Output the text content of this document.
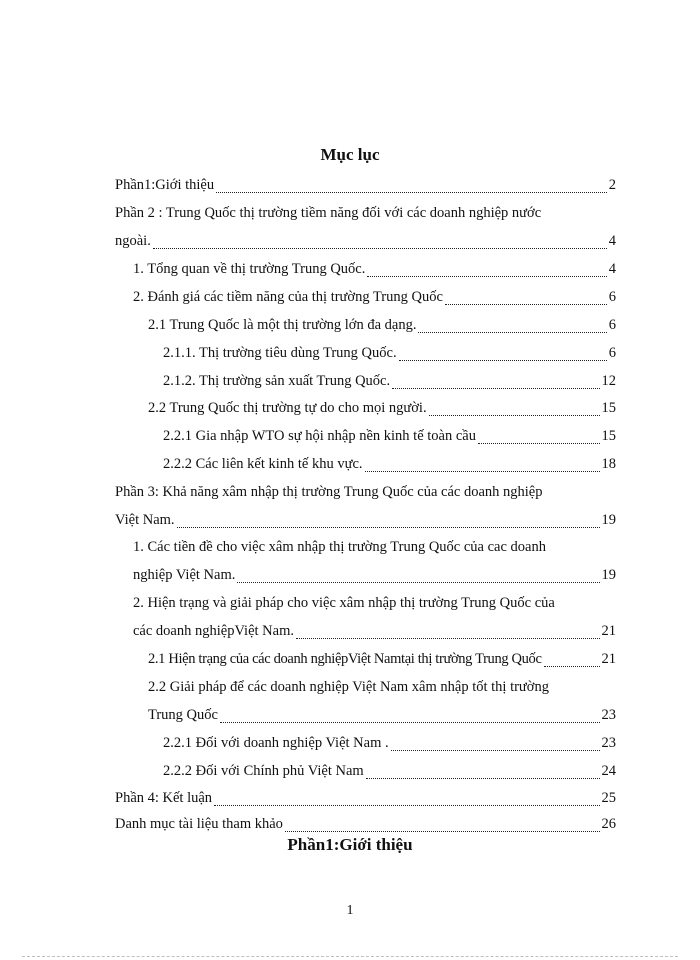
Mục lục
Phần1:Giới thiệu	2
Phần 2 : Trung Quốc thị trường tiềm năng đối với các doanh nghiệp nước
ngoài.	4
1. Tổng quan về thị trường Trung Quốc.	4
2. Đánh giá các tiềm năng của thị trường Trung Quốc	6
2.1 Trung Quốc là một thị trường lớn đa dạng.	6
2.1.1. Thị trường tiêu dùng Trung Quốc.	6
2.1.2. Thị trường sản xuất Trung Quốc.	12
2.2 Trung Quốc thị trường tự do cho mọi người.	15
2.2.1 Gia nhập WTO sự hội nhập nền kinh tế toàn cầu	15
2.2.2 Các liên kết kinh tế khu vực.	18
Phần 3: Khả năng xâm nhập thị trường Trung Quốc của các doanh nghiệp
Việt Nam.	19
1. Các tiền đề cho việc xâm nhập thị trường Trung Quốc của cac doanh
nghiệp Việt Nam.	19
2. Hiện trạng và giải pháp cho việc xâm nhập thị trường Trung Quốc của
các doanh nghiệpViệt Nam.	21
2.1 Hiện trạng của các doanh nghiệpViệt Namtại thị trường Trung Quốc	21
2.2 Giải pháp để các doanh nghiệp Việt Nam xâm nhập tốt thị trường
Trung Quốc	23
2.2.1 Đối với doanh nghiệp Việt Nam .	23
2.2.2 Đối với Chính phủ Việt Nam	24
Phần 4: Kết luận	25
Danh mục tài liệu tham khảo	26
Phần1:Giới thiệu
1
